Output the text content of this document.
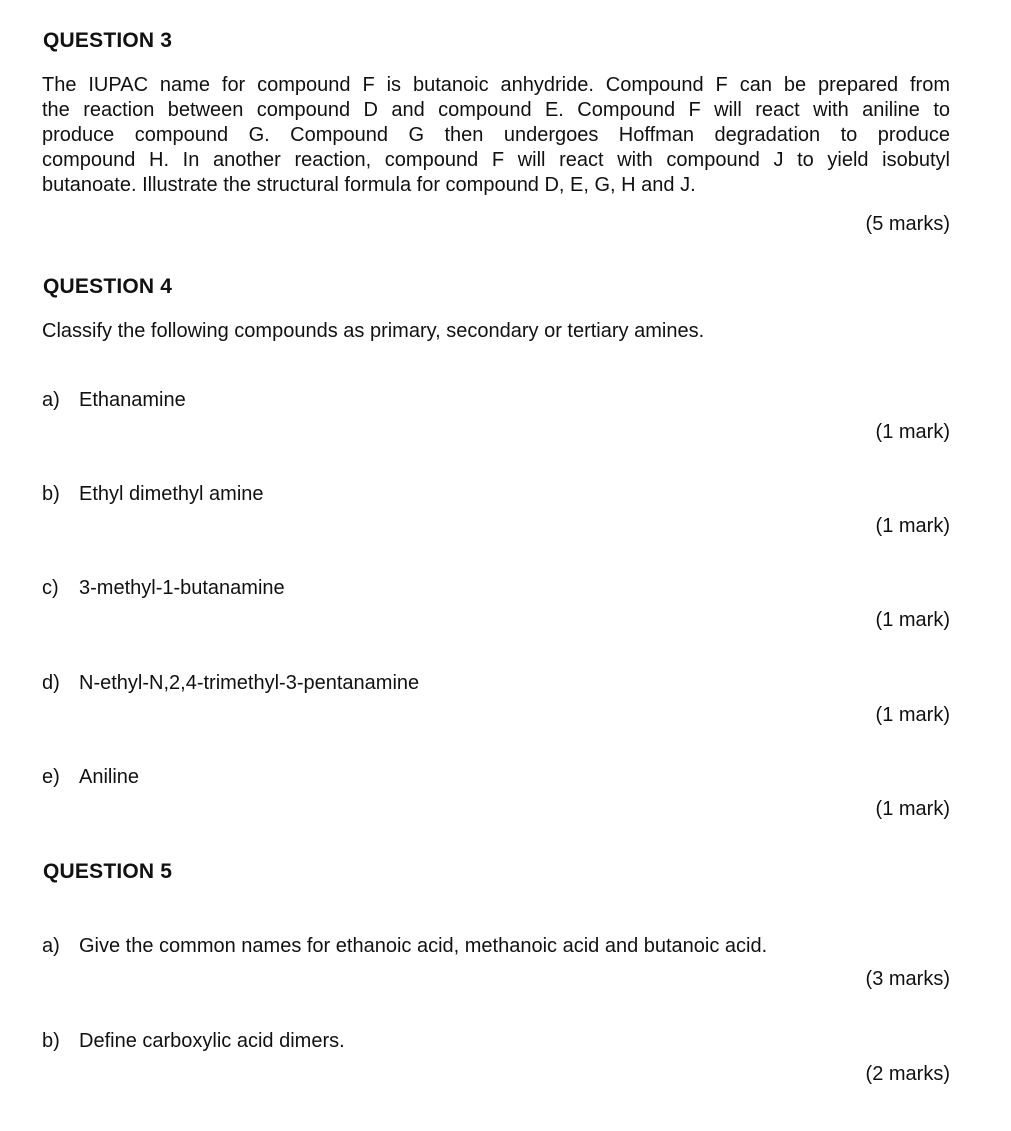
QUESTION 3
The IUPAC name for compound F is butanoic anhydride. Compound F can be prepared from
the reaction between compound D and compound E. Compound F will react with aniline to
produce compound G. Compound G then undergoes Hoffman degradation to produce
compound H. In another reaction, compound F will react with compound J to yield isobutyl
butanoate. Illustrate the structural formula for compound D, E, G, H and J.
(5 marks)
QUESTION 4
Classify the following compounds as primary, secondary or tertiary amines.
a) Ethanamine
(1 mark)
b) Ethyl dimethyl amine
(1 mark)
c) 3-methyl-1-butanamine
(1 mark)
d) N-ethyl-N,2,4-trimethyl-3-pentanamine
(1 mark)
e) Aniline
(1 mark)
QUESTION 5
a) Give the common names for ethanoic acid, methanoic acid and butanoic acid.
(3 marks)
b) Define carboxylic acid dimers.
(2 marks)
